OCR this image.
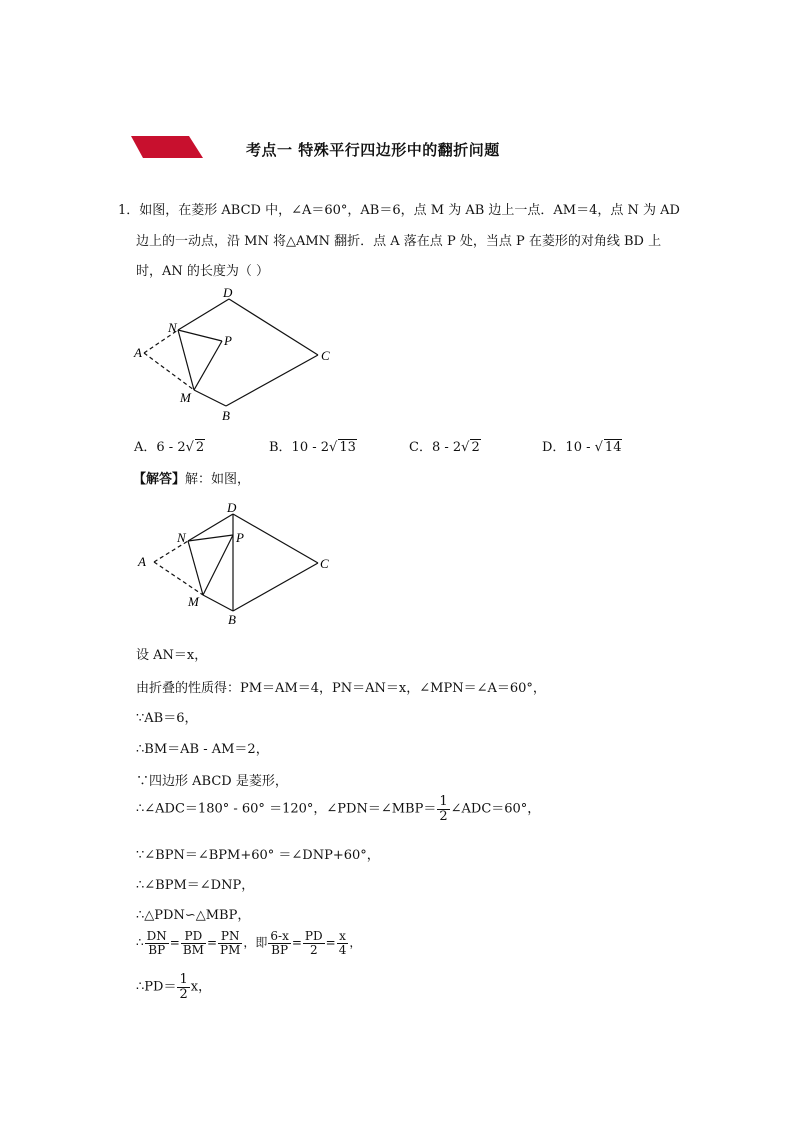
考点一 特殊平行四边形中的翻折问题
1．如图，在菱形 ABCD 中，∠A＝60°，AB＝6，点 M 为 AB 边上一点．AM＝4，点 N 为 AD
边上的一动点，沿 MN 将△AMN 翻折．点 A 落在点 P 处，当点 P 在菱形的对角线 BD 上
时，AN 的长度为（ ）
D
C
B
M
N
P
A
A．6 - 2√ 2	B．10 - 2√ 13	C．8 - 2√ 2	D．10 - √ 14
【解答】解：如图，
D
C
B
M
N	P
A
设 AN＝x，
由折叠的性质得：PM＝AM＝4，PN＝AN＝x，∠MPN＝∠A＝60°，
∵AB＝6，
∴BM＝AB - AM＝2，
∵四边形 ABCD 是菱形，
∴∠ADC＝180° - 60° ＝120°，∠PDN＝∠MBP＝ $\frac{1}{2}$ ∠ADC＝60°，
∵∠BPN＝∠BPM+60° ＝∠DNP+60°，
∴∠BPM＝∠DNP，
∴△PDN∽△MBP，
∴ $\frac{DN}{BP} = \frac{PD}{BM} = \frac{PN}{PM}$ ，即 $\frac{6-x}{BP} = \frac{PD}{2} = \frac{x}{4}$ ，
∴PD＝ $\frac{1}{2}$ x，
